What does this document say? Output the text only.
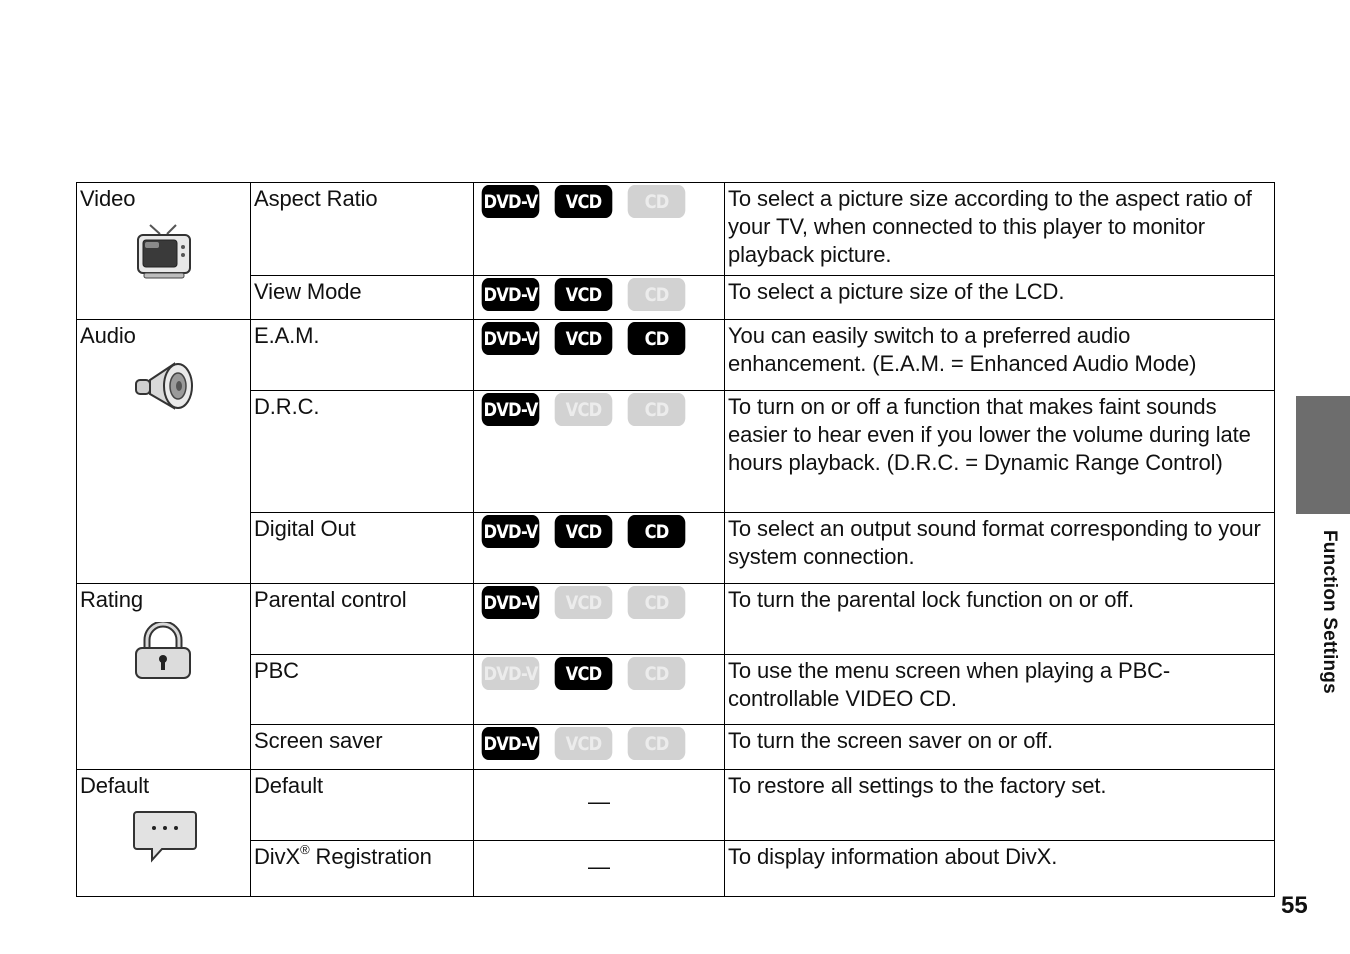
Video	Aspect Ratio	DVD-V VCD CD	To select a picture size according to the aspect ratio of your TV, when connected to this player to monitor playback picture.
	View Mode	DVD-V VCD CD	To select a picture size of the LCD.

Audio	E.A.M.	DVD-V VCD CD	You can easily switch to a preferred audio enhancement. (E.A.M. = Enhanced Audio Mode)
	D.R.C.	DVD-V VCD CD	To turn on or off a function that makes faint sounds easier to hear even if you lower the volume during late hours playback. (D.R.C. = Dynamic Range Control)
	Digital Out	DVD-V VCD CD	To select an output sound format corresponding to your system connection.

Rating	Parental control	DVD-V VCD CD	To turn the parental lock function on or off.
	PBC	DVD-V VCD CD	To use the menu screen when playing a PBC-controllable VIDEO CD.
	Screen saver	DVD-V VCD CD	To turn the screen saver on or off.

Default	Default	—	To restore all settings to the factory set.
	DivX® Registration	—	To display information about DivX.
Function Settings
55
